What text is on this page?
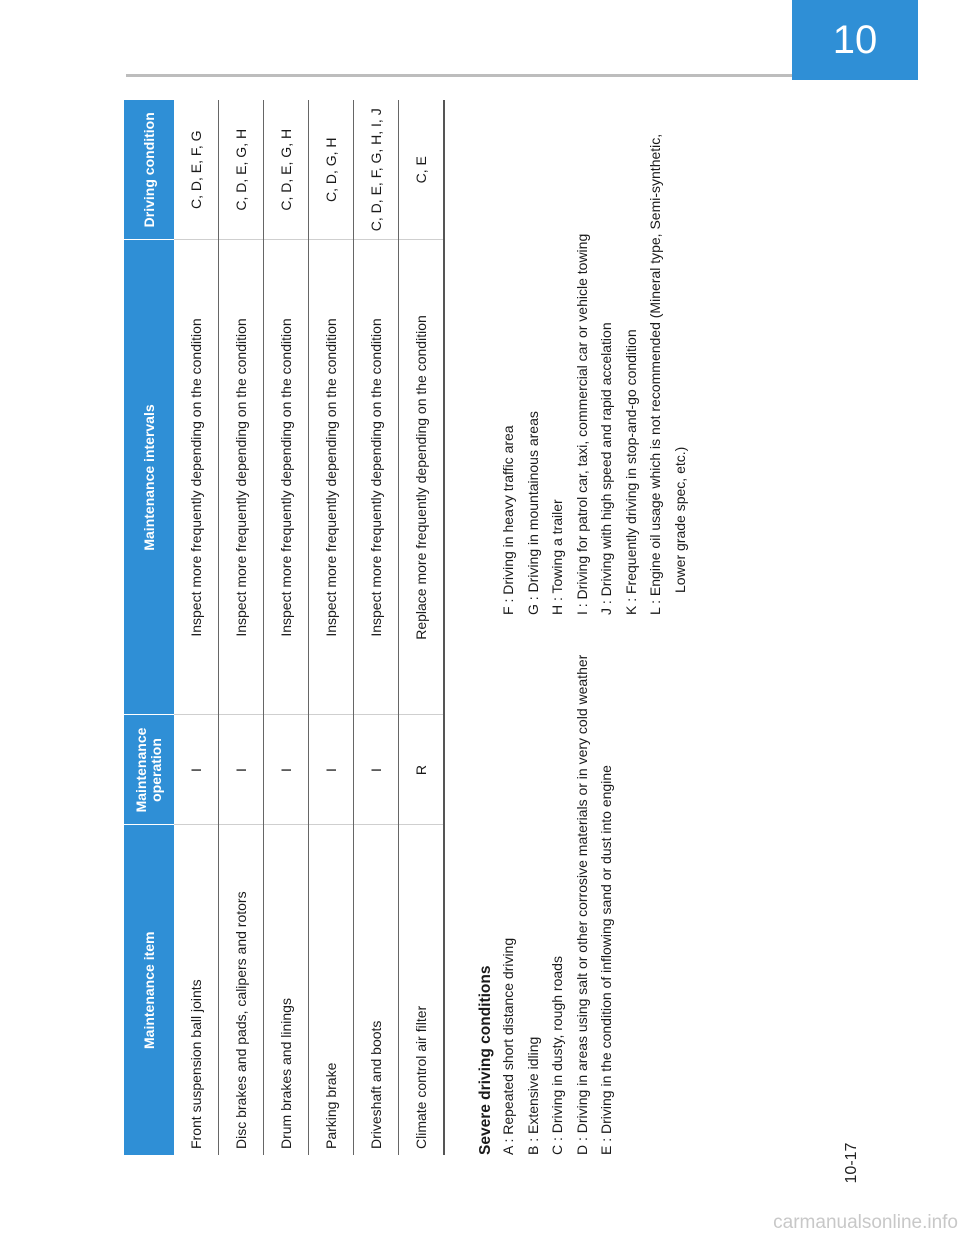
10
Maintenance item	Maintenance operation	Maintenance intervals	Driving condition
Front suspension ball joints	I	Inspect more frequently depending on the condition	C, D, E, F, G
Disc brakes and pads, calipers and rotors	I	Inspect more frequently depending on the condition	C, D, E, G, H
Drum brakes and linings	I	Inspect more frequently depending on the condition	C, D, E, G, H
Parking brake	I	Inspect more frequently depending on the condition	C, D, G, H
Driveshaft and boots	I	Inspect more frequently depending on the condition	C, D, E, F, G, H, I, J
Climate control air filter	R	Replace more frequently depending on the condition	C, E
Severe driving conditions A : Repeated short distance driving B : Extensive idling C : Driving in dusty, rough roads D : Driving in areas using salt or other corrosive materials or in very cold weather E : Driving in the condition of inflowing sand or dust into engine
F : Driving in heavy traffic area G : Driving in mountainous areas H : Towing a trailer I : Driving for patrol car, taxi, commercial car or vehicle towing J : Driving with high speed and rapid accelation K : Frequently driving in stop-and-go condition L : Engine oil usage which is not recommended (Mineral type, Semi-synthetic, Lower grade spec, etc.)
10-17
carmanualsonline.info
